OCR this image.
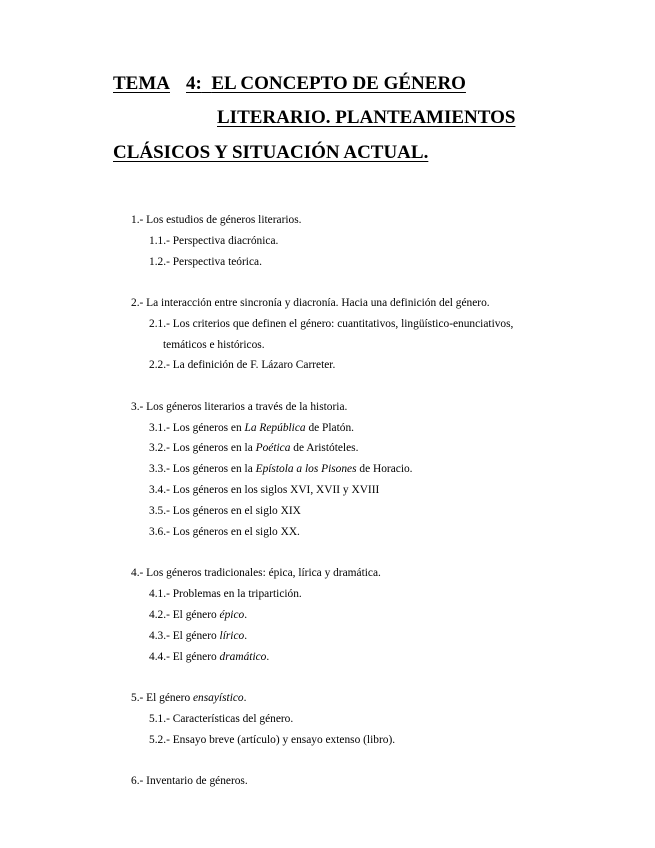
TEMA 4: EL CONCEPTO DE GÉNERO
LITERARIO. PLANTEAMIENTOS
CLÁSICOS Y SITUACIÓN ACTUAL.
1.- Los estudios de géneros literarios.
1.1.- Perspectiva diacrónica.
1.2.- Perspectiva teórica.
2.- La interacción entre sincronía y diacronía. Hacia una definición del género.
2.1.- Los criterios que definen el género: cuantitativos, lingüístico-enunciativos,
temáticos e históricos.
2.2.- La definición de F. Lázaro Carreter.
3.- Los géneros literarios a través de la historia.
3.1.- Los géneros en La República de Platón.
3.2.- Los géneros en la Poética de Aristóteles.
3.3.- Los géneros en la Epístola a los Pisones de Horacio.
3.4.- Los géneros en los siglos XVI, XVII y XVIII
3.5.- Los géneros en el siglo XIX
3.6.- Los géneros en el siglo XX.
4.- Los géneros tradicionales: épica, lírica y dramática.
4.1.- Problemas en la tripartición.
4.2.- El género épico.
4.3.- El género lírico.
4.4.- El género dramático.
5.- El género ensayístico.
5.1.- Características del género.
5.2.- Ensayo breve (artículo) y ensayo extenso (libro).
6.- Inventario de géneros.
